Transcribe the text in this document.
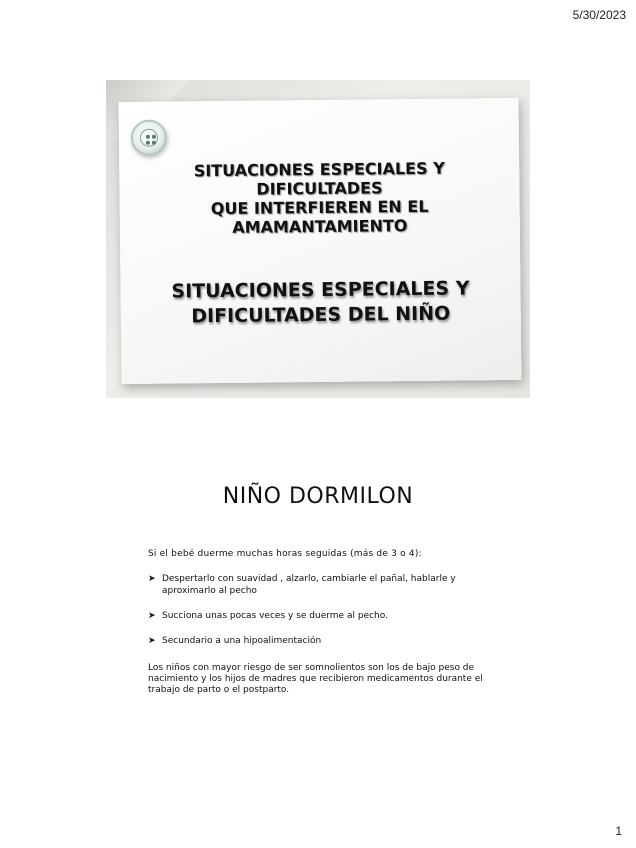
5/30/2023
SITUACIONES ESPECIALES Y
DIFICULTADES
QUE INTERFIEREN EN EL
AMAMANTAMIENTO
SITUACIONES ESPECIALES Y
DIFICULTADES DEL NIÑO
NIÑO DORMILON
Si el bebé duerme muchas horas seguidas (más de 3 o 4):
➤ Despertarlo con suavidad , alzarlo, cambiarle el pañal, hablarle y aproximarlo al pecho
➤ Succiona unas pocas veces y se duerme al pecho.
➤ Secundario a una hipoalimentación
Los niños con mayor riesgo de ser somnolientos son los de bajo peso de nacimiento y los hijos de madres que recibieron medicamentos durante el trabajo de parto o el postparto.
1
